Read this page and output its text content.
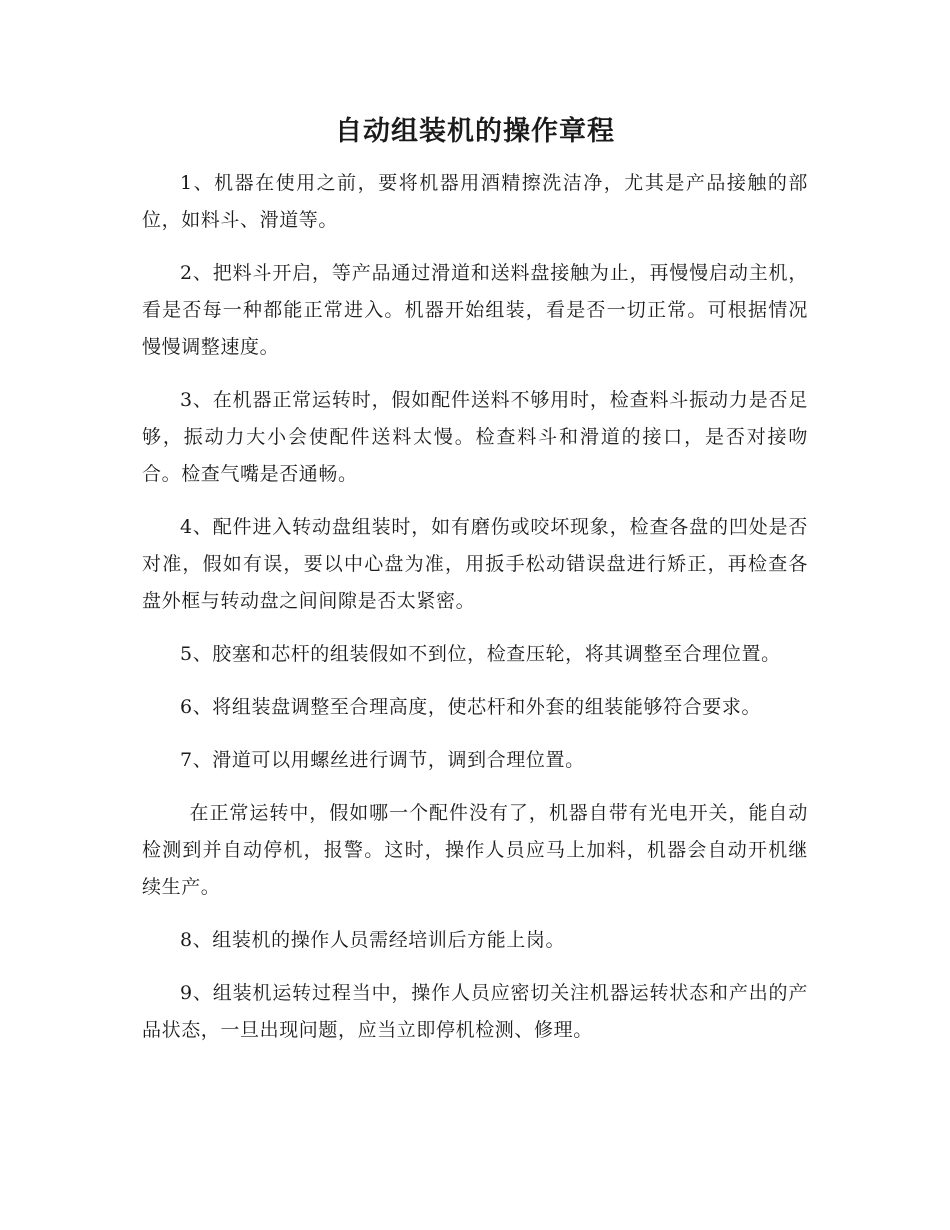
自动组装机的操作章程

1、机器在使用之前，要将机器用酒精擦洗洁净，尤其是产品接触的部位，如料斗、滑道等。

2、把料斗开启，等产品通过滑道和送料盘接触为止，再慢慢启动主机，看是否每一种都能正常进入。机器开始组装，看是否一切正常。可根据情况慢慢调整速度。

3、在机器正常运转时，假如配件送料不够用时，检查料斗振动力是否足够，振动力大小会使配件送料太慢。检查料斗和滑道的接口，是否对接吻合。检查气嘴是否通畅。

4、配件进入转动盘组装时，如有磨伤或咬坏现象，检查各盘的凹处是否对准，假如有误，要以中心盘为准，用扳手松动错误盘进行矫正，再检查各盘外框与转动盘之间间隙是否太紧密。

5、胶塞和芯杆的组装假如不到位，检查压轮，将其调整至合理位置。

6、将组装盘调整至合理高度，使芯杆和外套的组装能够符合要求。

7、滑道可以用螺丝进行调节，调到合理位置。

在正常运转中，假如哪一个配件没有了，机器自带有光电开关，能自动检测到并自动停机，报警。这时，操作人员应马上加料，机器会自动开机继续生产。

8、组装机的操作人员需经培训后方能上岗。

9、组装机运转过程当中，操作人员应密切关注机器运转状态和产出的产品状态，一旦出现问题，应当立即停机检测、修理。
